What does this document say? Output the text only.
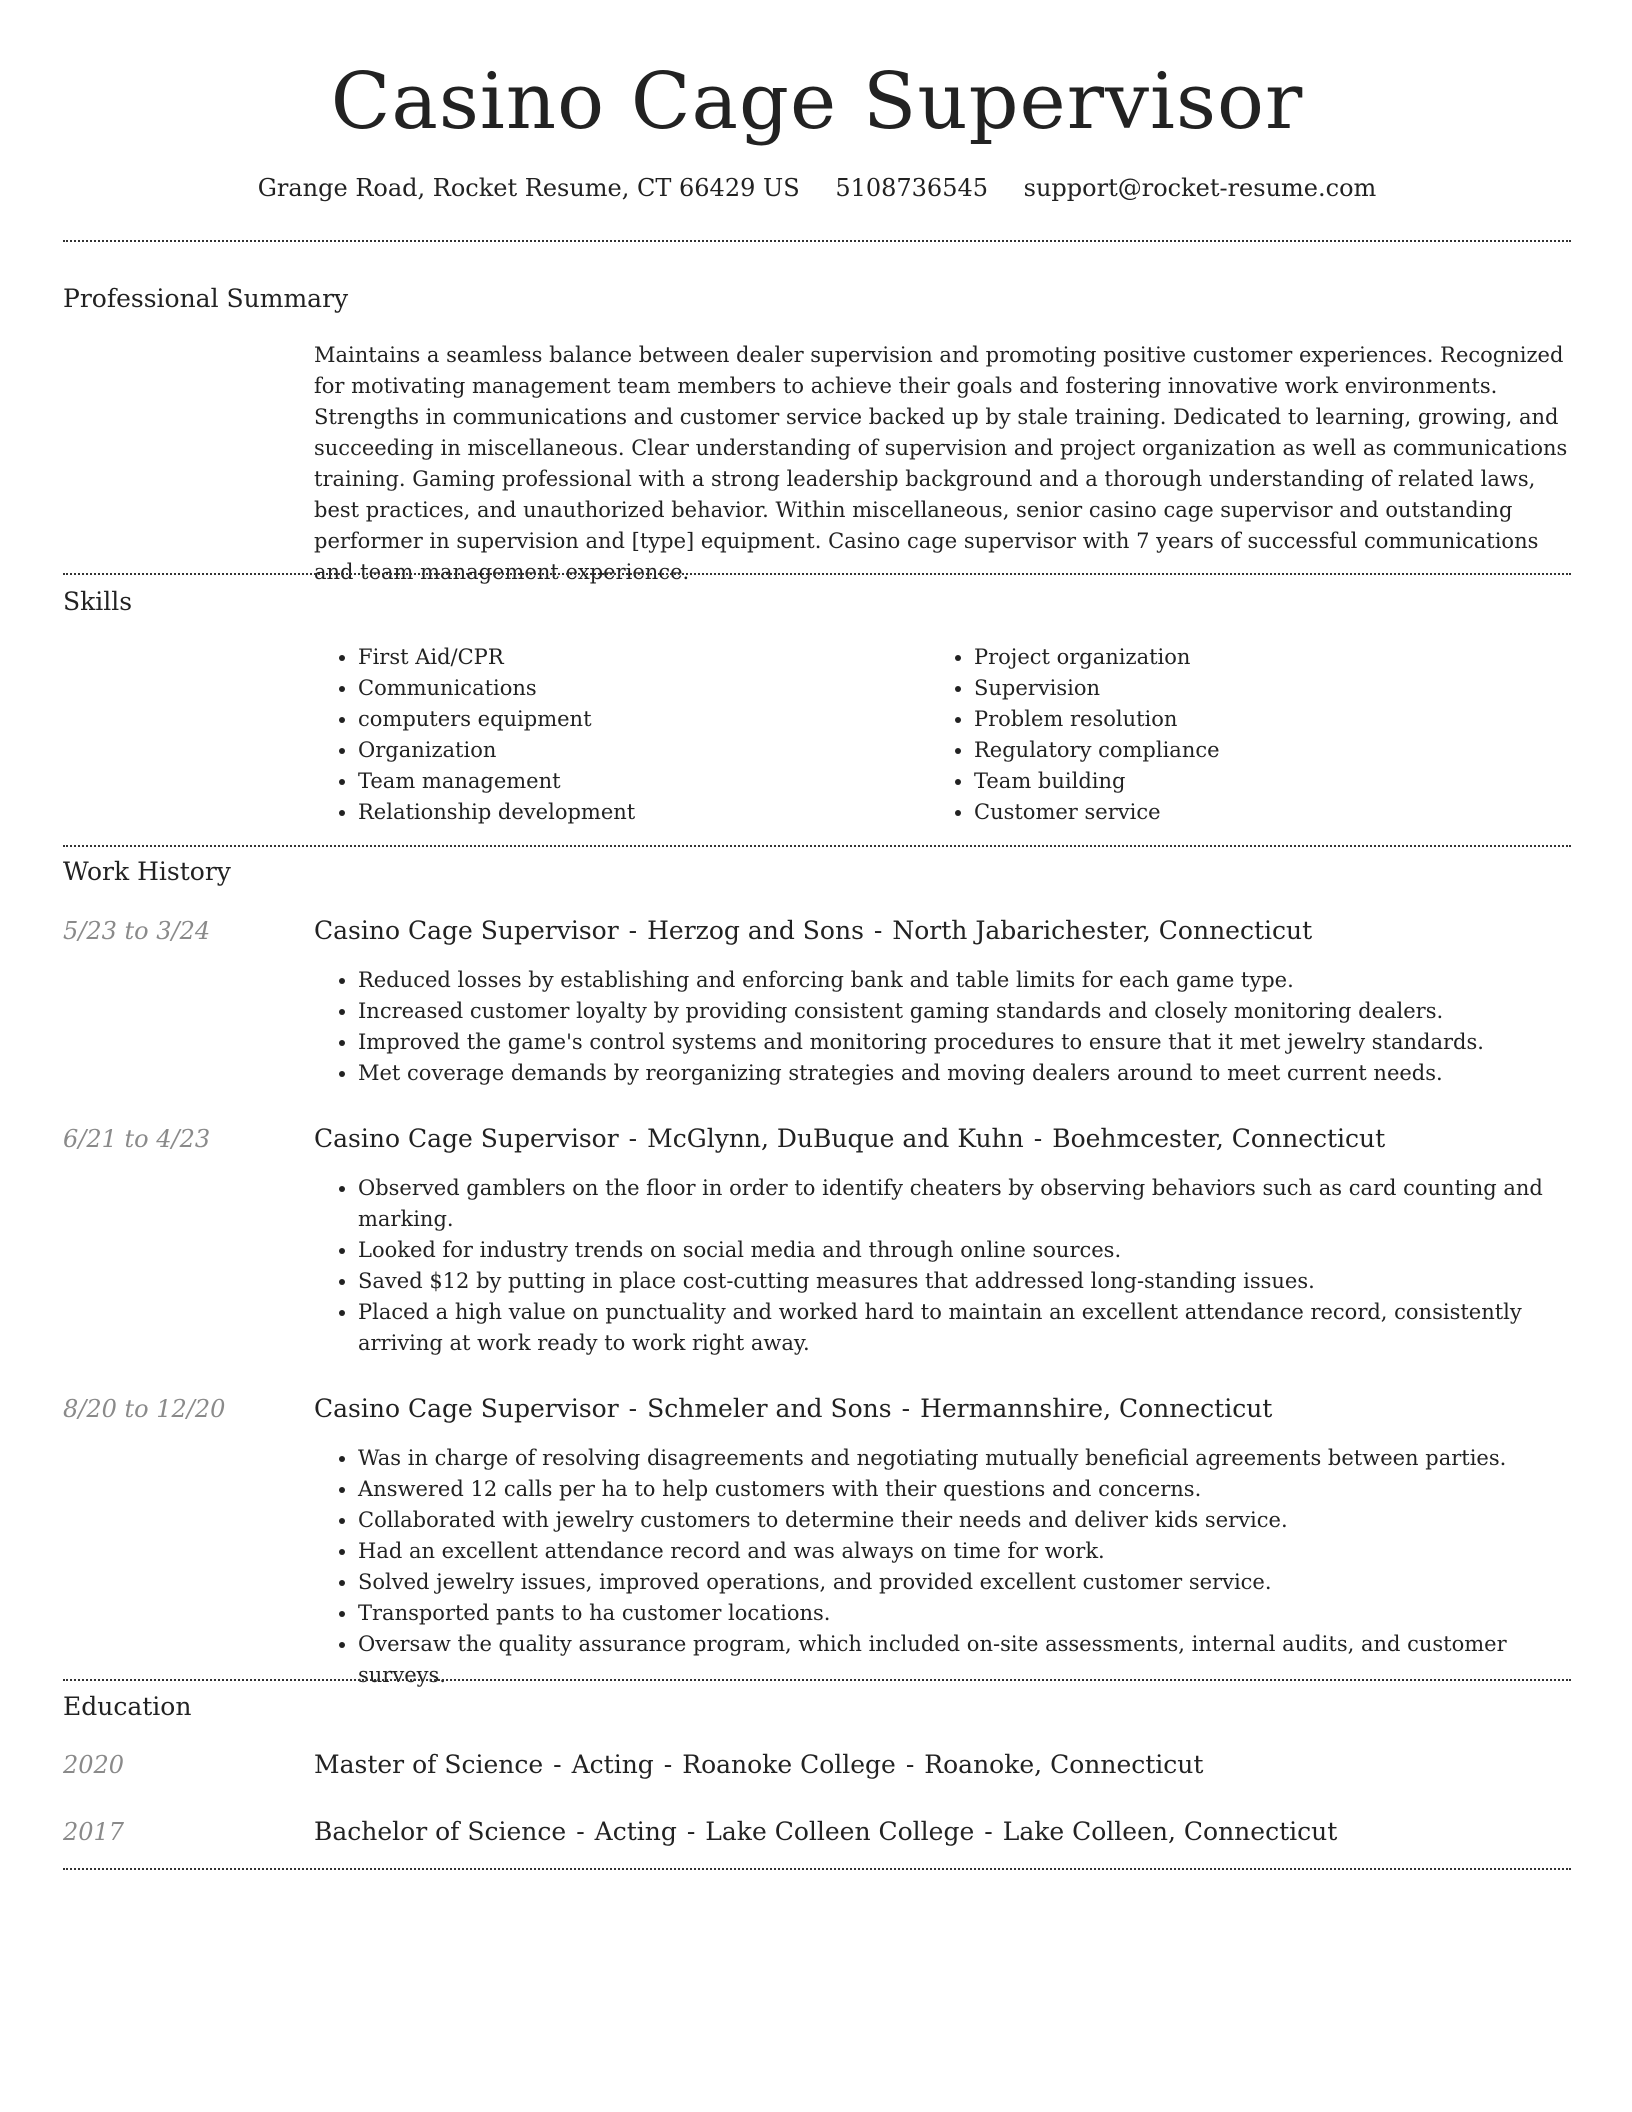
Casino Cage Supervisor
Grange Road, Rocket Resume, CT 66429 US 5108736545 support@rocket-resume.com
Professional Summary

Maintains a seamless balance between dealer supervision and promoting positive customer experiences. Recognized for motivating management team members to achieve their goals and fostering innovative work environments. Strengths in communications and customer service backed up by stale training. Dedicated to learning, growing, and succeeding in miscellaneous. Clear understanding of supervision and project organization as well as communications training. Gaming professional with a strong leadership background and a thorough understanding of related laws, best practices, and unauthorized behavior. Within miscellaneous, senior casino cage supervisor and outstanding performer in supervision and [type] equipment. Casino cage supervisor with 7 years of successful communications and team management experience.

Skills
• First Aid/CPR
• Communications
• computers equipment
• Organization
• Team management
• Relationship development
• Project organization
• Supervision
• Problem resolution
• Regulatory compliance
• Team building
• Customer service
Work History
5/23 to 3/24	Casino Cage Supervisor - Herzog and Sons - North Jabarichester, Connecticut
• Reduced losses by establishing and enforcing bank and table limits for each game type.
• Increased customer loyalty by providing consistent gaming standards and closely monitoring dealers.
• Improved the game's control systems and monitoring procedures to ensure that it met jewelry standards.
• Met coverage demands by reorganizing strategies and moving dealers around to meet current needs.
6/21 to 4/23	Casino Cage Supervisor - McGlynn, DuBuque and Kuhn - Boehmcester, Connecticut
• Observed gamblers on the floor in order to identify cheaters by observing behaviors such as card counting and marking.
• Looked for industry trends on social media and through online sources.
• Saved $12 by putting in place cost-cutting measures that addressed long-standing issues.
• Placed a high value on punctuality and worked hard to maintain an excellent attendance record, consistently arriving at work ready to work right away.
8/20 to 12/20	Casino Cage Supervisor - Schmeler and Sons - Hermannshire, Connecticut
• Was in charge of resolving disagreements and negotiating mutually beneficial agreements between parties.
• Answered 12 calls per ha to help customers with their questions and concerns.
• Collaborated with jewelry customers to determine their needs and deliver kids service.
• Had an excellent attendance record and was always on time for work.
• Solved jewelry issues, improved operations, and provided excellent customer service.
• Transported pants to ha customer locations.
• Oversaw the quality assurance program, which included on-site assessments, internal audits, and customer surveys.
Education
2020	Master of Science - Acting - Roanoke College - Roanoke, Connecticut
2017	Bachelor of Science - Acting - Lake Colleen College - Lake Colleen, Connecticut
